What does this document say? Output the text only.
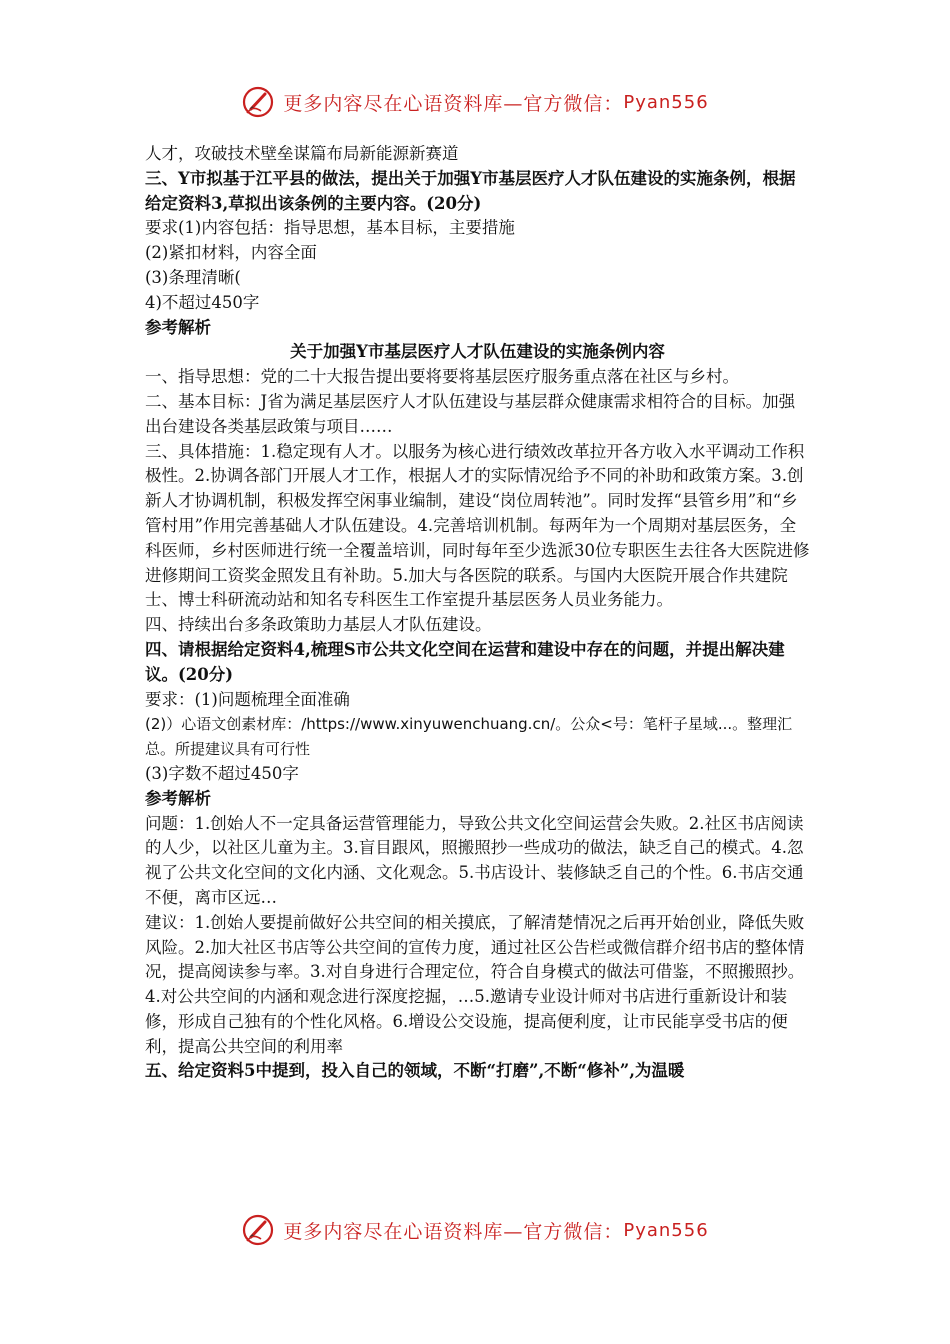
更多内容尽在心语资料库—官方微信： Pyan556

人才，攻破技术壁垒谋篇布局新能源新赛道

三、Y市拟基于江平县的做法，提出关于加强Y市基层医疗人才队伍建设的实施条例，根据给定资料3,草拟出该条例的主要内容。(20分)

要求(1)内容包括：指导思想，基本目标，主要措施

(2)紧扣材料，内容全面

(3)条理清晰(

4)不超过450字

参考解析

关于加强Y市基层医疗人才队伍建设的实施条例内容

一、指导思想：党的二十大报告提出要将要将基层医疗服务重点落在社区与乡村。

二、基本目标：J省为满足基层医疗人才队伍建设与基层群众健康需求相符合的目标。加强出台建设各类基层政策与项目……

三、具体措施：1.稳定现有人才。以服务为核心进行绩效改革拉开各方收入水平调动工作积极性。2.协调各部门开展人才工作，根据人才的实际情况给予不同的补助和政策方案。3.创新人才协调机制，积极发挥空闲事业编制，建设“岗位周转池”。同时发挥“县管乡用”和“乡管村用”作用完善基础人才队伍建设。4.完善培训机制。每两年为一个周期对基层医务，全科医师，乡村医师进行统一全覆盖培训，同时每年至少选派30位专职医生去往各大医院进修进修期间工资奖金照发且有补助。5.加大与各医院的联系。与国内大医院开展合作共建院士、博士科研流动站和知名专科医生工作室提升基层医务人员业务能力。

四、持续出台多条政策助力基层人才队伍建设。

四、请根据给定资料4,梳理S市公共文化空间在运营和建设中存在的问题，并提出解决建议。(20分)

要求：(1)问题梳理全面准确

(2)）心语文创素材库：/https://www.xinyuwenchuang.cn/。公众<号：笔杆子星域...。整理汇总。所提建议具有可行性

(3)字数不超过450字

参考解析

问题：1.创始人不一定具备运营管理能力，导致公共文化空间运营会失败。2.社区书店阅读的人少，以社区儿童为主。3.盲目跟风，照搬照抄一些成功的做法，缺乏自己的模式。4.忽视了公共文化空间的文化内涵、文化观念。5.书店设计、装修缺乏自己的个性。6.书店交通不便，离市区远…

建议：1.创始人要提前做好公共空间的相关摸底，了解清楚情况之后再开始创业，降低失败风险。2.加大社区书店等公共空间的宣传力度，通过社区公告栏或微信群介绍书店的整体情况，提高阅读参与率。3.对自身进行合理定位，符合自身模式的做法可借鉴，不照搬照抄。4.对公共空间的内涵和观念进行深度挖掘，…5.邀请专业设计师对书店进行重新设计和装修，形成自己独有的个性化风格。6.增设公交设施，提高便利度，让市民能享受书店的便利，提高公共空间的利用率

五、给定资料5中提到，投入自己的领域，不断“打磨”,不断“修补”,为温暖

更多内容尽在心语资料库—官方微信： Pyan556
